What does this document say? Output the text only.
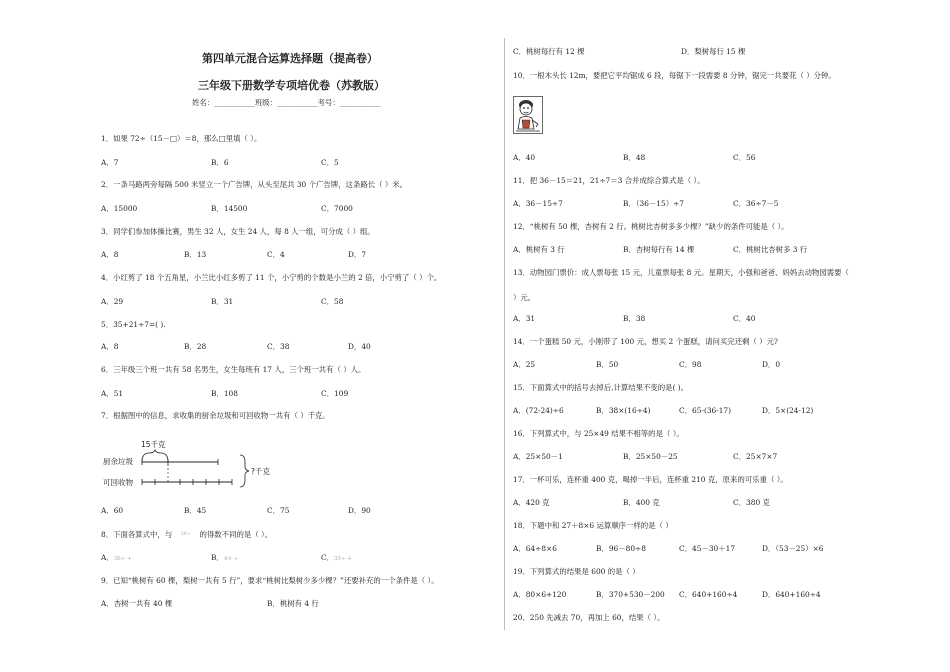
第四单元混合运算选择题（提高卷）
三年级下册数学专项培优卷（苏教版）
姓名：___________班级：___________考号：___________
1．如果 72÷（15－□）＝8，那么□里填（ ）。
A．7	B．6	C．5
2．一条马路两旁每隔 500 米竖立一个广告牌，从头至尾共 30 个广告牌，这条路长（ ）米。
A．15000	B．14500	C．7000
3．同学们参加体操比赛，男生 32 人，女生 24 人，每 8 人一组，可分成（ ）组。
A．8	B．13	C．4	D．7
4．小红剪了 18 个五角星，小兰比小红多剪了 11 个，小宁剪的个数是小兰的 2 倍，小宁剪了（ ）个。
A．29	B．31	C．58
5．35+21÷7=( ).
A．8	B．28	C．38	D．40
6．三年级三个班一共有 58 名男生，女生每班有 17 人，三个班一共有（ ）人。
A．51	B．108	C．109
7．根据图中的信息，求收集的厨余垃圾和可回收物一共有（ ）千克。
15千克
厨余垃圾
可回收物
?千克
A．60	B．45	C．75	D．90
8．下面各算式中，与 $^{36\div}$ 的得数不同的是（ ）。
A．36÷ +	B．4× ÷	C．35÷ +
9．已知“桃树有 60 棵，梨树一共有 5 行”，要求“桃树比梨树少多少棵？”还要补充的一个条件是（ ）。
A．杏树一共有 40 棵	B．桃树有 4 行
C．桃树每行有 12 棵	D．梨树每行 15 棵
10．一根木头长 12m，要把它平均锯成 6 段，每锯下一段需要 8 分钟，锯完一共要花（ ）分钟。
A．40	B．48	C．56
11．把 36－15＝21，21÷7＝3 合并成综合算式是（ ）。
A．36－15÷7	B．（36－15）÷7	C．36÷7－5
12．“桃树有 50 棵，杏树有 2 行。桃树比杏树多多少棵？”缺少的条件可能是（ ）。
A．桃树有 3 行	B．杏树每行有 14 棵	C．桃树比杏树多 3 行
13．动物园门票价：成人票每张 15 元，儿童票每张 8 元。星期天，小强和爸爸、妈妈去动物园需要（
）元。
A．31	B．38	C．40
14．一个蛋糕 50 元，小刚带了 100 元，想买 2 个蛋糕，请问买完还剩（ ）元?
A．25	B．50	C．98	D．0
15．下面算式中的括号去掉后,计算结果不变的是( )。
A．(72-24)÷6	B．38×(16÷4)	C．65-(36-17)	D．5×(24-12)
16．下列算式中，与 25×49 结果不相等的是（ ）。
A．25×50－1	B．25×50－25	C．25×7×7
17．一杯可乐，连杯重 400 克，喝掉一半后，连杯重 210 克，原来的可乐重（ ）。
A．420 克	B．400 克	C．380 克
18．下题中和 27＋8×6 运算顺序一样的是（ ）
A．64÷8×6	B．96－80÷8	C．45－30＋17	D．（53－25）×6
19．下列算式的结果是 600 的是（ ）
A．80×6+120	B．370+530－200 C．640+160÷4	D．640+160÷4
20．250 先减去 70，再加上 60，结果（ ）。
